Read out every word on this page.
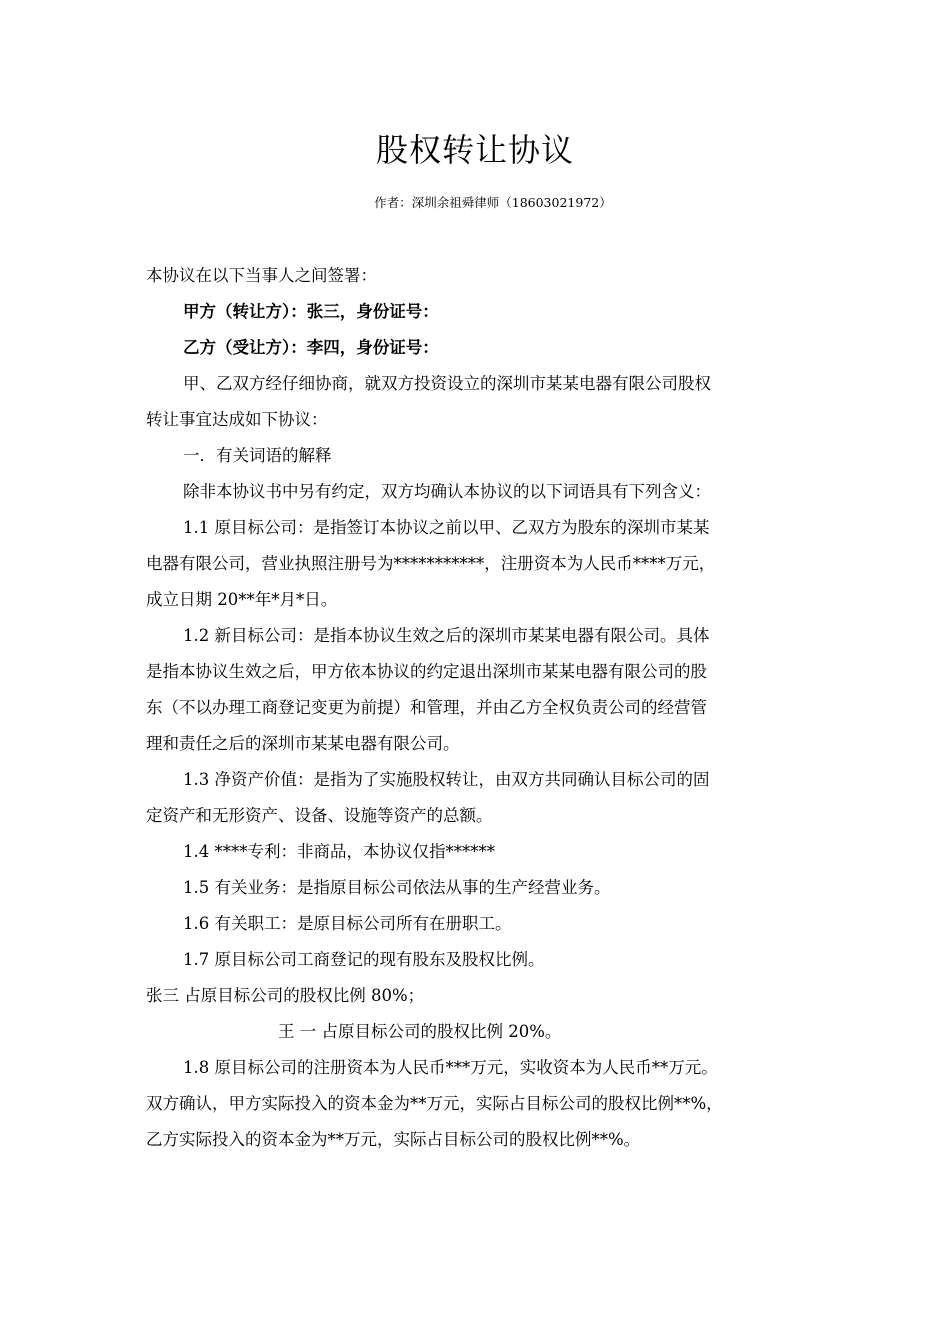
股权转让协议
作者：深圳余祖舜律师（18603021972）

本协议在以下当事人之间签署：

甲方（转让方）：张三，身份证号：

乙方（受让方）：李四，身份证号：

甲、乙双方经仔细协商，就双方投资设立的深圳市某某电器有限公司股权

转让事宜达成如下协议：

一．有关词语的解释

除非本协议书中另有约定，双方均确认本协议的以下词语具有下列含义：

1.1 原目标公司：是指签订本协议之前以甲、乙双方为股东的深圳市某某

电器有限公司，营业执照注册号为***********，注册资本为人民币****万元，

成立日期 20**年*月*日。

1.2 新目标公司：是指本协议生效之后的深圳市某某电器有限公司。具体

是指本协议生效之后，甲方依本协议的约定退出深圳市某某电器有限公司的股

东（不以办理工商登记变更为前提）和管理，并由乙方全权负责公司的经营管

理和责任之后的深圳市某某电器有限公司。

1.3 净资产价值：是指为了实施股权转让，由双方共同确认目标公司的固

定资产和无形资产、设备、设施等资产的总额。

1.4 ****专利：非商品，本协议仅指******

1.5 有关业务：是指原目标公司依法从事的生产经营业务。

1.6 有关职工：是原目标公司所有在册职工。

1.7 原目标公司工商登记的现有股东及股权比例。

张三 占原目标公司的股权比例 80%；

王 一 占原目标公司的股权比例 20%。

1.8 原目标公司的注册资本为人民币***万元，实收资本为人民币**万元。

双方确认，甲方实际投入的资本金为**万元，实际占目标公司的股权比例**%，

乙方实际投入的资本金为**万元，实际占目标公司的股权比例**%。
